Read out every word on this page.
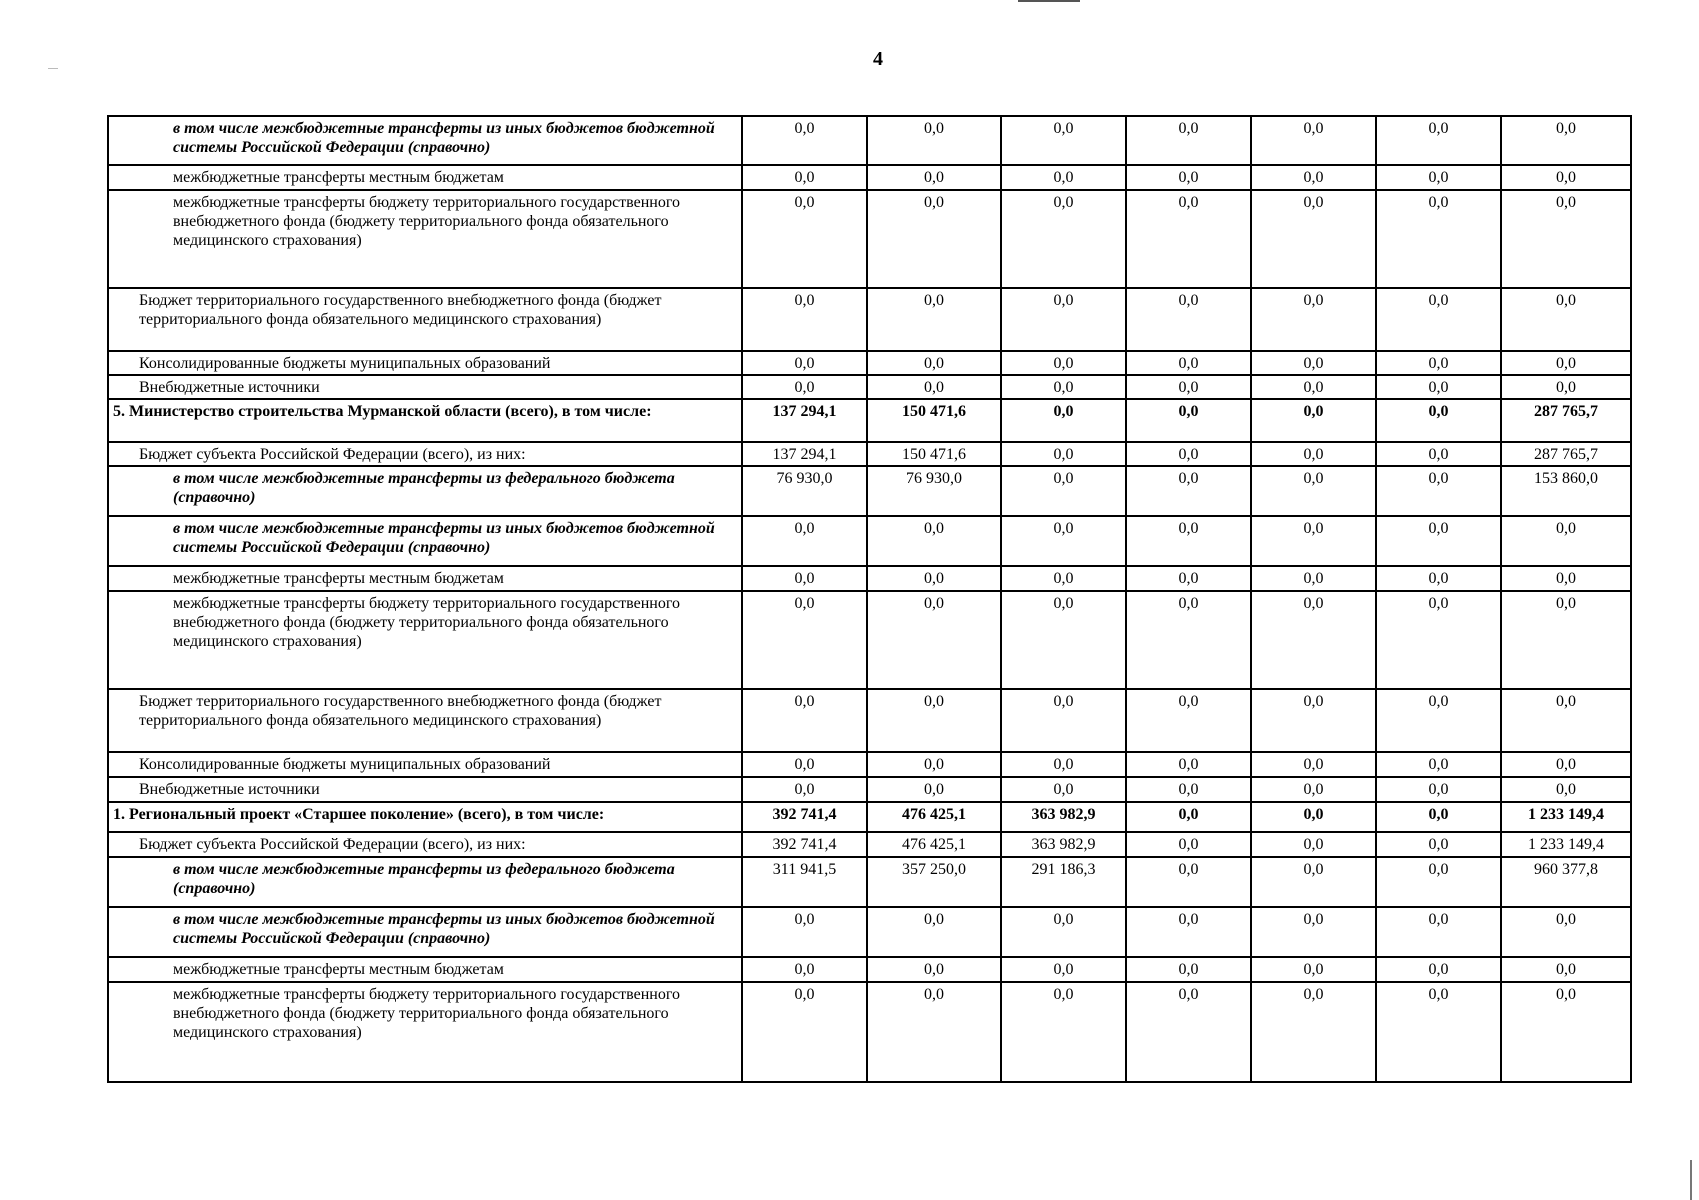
4
в том числе межбюджетные трансферты из иных бюджетов бюджетной системы Российской Федерации (справочно)	0,0	0,0	0,0	0,0	0,0	0,0	0,0
межбюджетные трансферты местным бюджетам	0,0	0,0	0,0	0,0	0,0	0,0	0,0
межбюджетные трансферты бюджету территориального государственного внебюджетного фонда (бюджету территориального фонда обязательного медицинского страхования)	0,0	0,0	0,0	0,0	0,0	0,0	0,0
Бюджет территориального государственного внебюджетного фонда (бюджет территориального фонда обязательного медицинского страхования)	0,0	0,0	0,0	0,0	0,0	0,0	0,0
Консолидированные бюджеты муниципальных образований	0,0	0,0	0,0	0,0	0,0	0,0	0,0
Внебюджетные источники	0,0	0,0	0,0	0,0	0,0	0,0	0,0
5. Министерство строительства Мурманской области (всего), в том числе:	137 294,1	150 471,6	0,0	0,0	0,0	0,0	287 765,7
Бюджет субъекта Российской Федерации (всего), из них:	137 294,1	150 471,6	0,0	0,0	0,0	0,0	287 765,7
в том числе межбюджетные трансферты из федерального бюджета (справочно)	76 930,0	76 930,0	0,0	0,0	0,0	0,0	153 860,0
в том числе межбюджетные трансферты из иных бюджетов бюджетной системы Российской Федерации (справочно)	0,0	0,0	0,0	0,0	0,0	0,0	0,0
межбюджетные трансферты местным бюджетам	0,0	0,0	0,0	0,0	0,0	0,0	0,0
межбюджетные трансферты бюджету территориального государственного внебюджетного фонда (бюджету территориального фонда обязательного медицинского страхования)	0,0	0,0	0,0	0,0	0,0	0,0	0,0
Бюджет территориального государственного внебюджетного фонда (бюджет территориального фонда обязательного медицинского страхования)	0,0	0,0	0,0	0,0	0,0	0,0	0,0
Консолидированные бюджеты муниципальных образований	0,0	0,0	0,0	0,0	0,0	0,0	0,0
Внебюджетные источники	0,0	0,0	0,0	0,0	0,0	0,0	0,0
1. Региональный проект «Старшее поколение» (всего), в том числе:	392 741,4	476 425,1	363 982,9	0,0	0,0	0,0	1 233 149,4
Бюджет субъекта Российской Федерации (всего), из них:	392 741,4	476 425,1	363 982,9	0,0	0,0	0,0	1 233 149,4
в том числе межбюджетные трансферты из федерального бюджета (справочно)	311 941,5	357 250,0	291 186,3	0,0	0,0	0,0	960 377,8
в том числе межбюджетные трансферты из иных бюджетов бюджетной системы Российской Федерации (справочно)	0,0	0,0	0,0	0,0	0,0	0,0	0,0
межбюджетные трансферты местным бюджетам	0,0	0,0	0,0	0,0	0,0	0,0	0,0
межбюджетные трансферты бюджету территориального государственного внебюджетного фонда (бюджету территориального фонда обязательного медицинского страхования)	0,0	0,0	0,0	0,0	0,0	0,0	0,0
